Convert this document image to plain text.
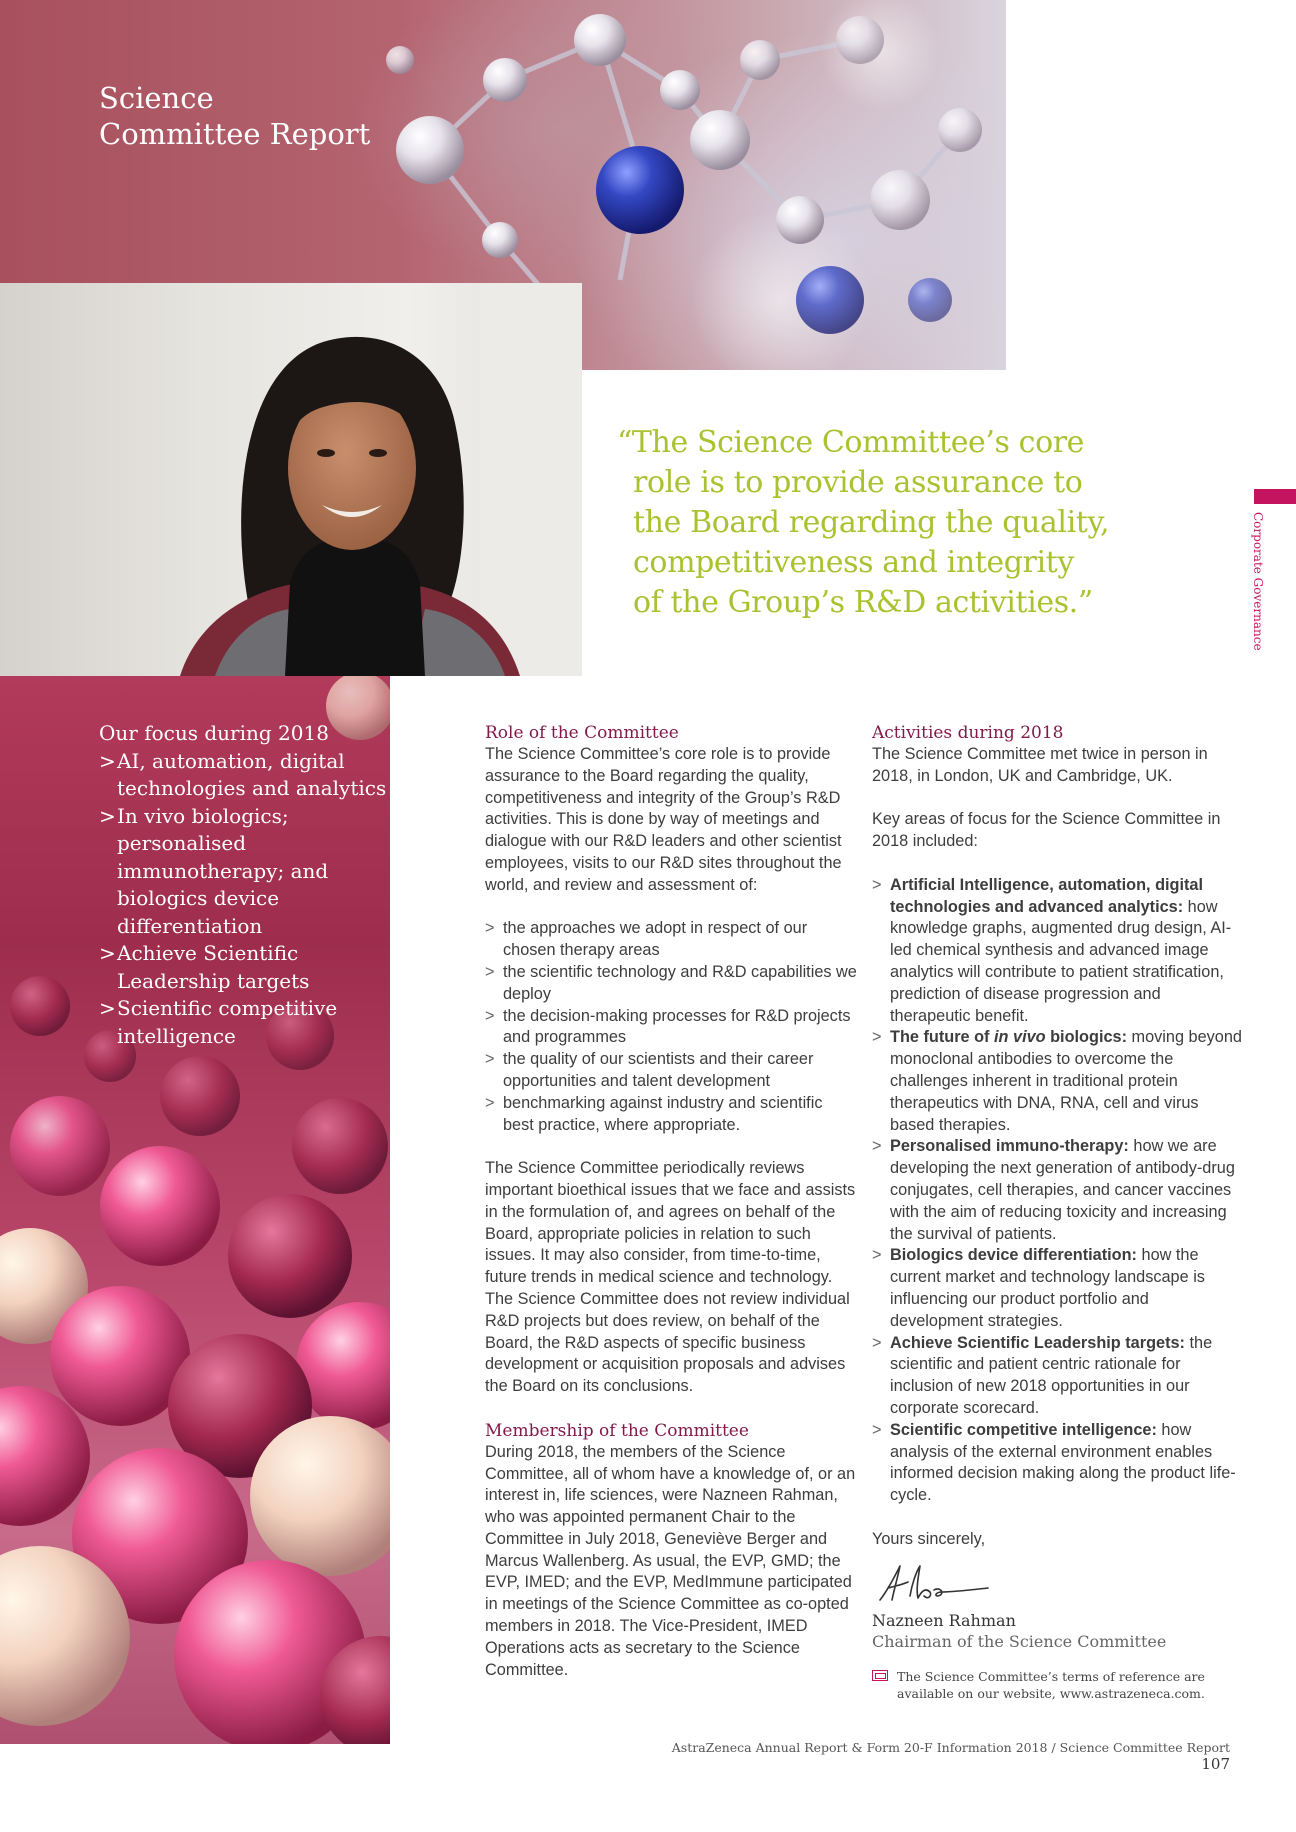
Science
Committee Report

“The Science Committee’s core
role is to provide assurance to
the Board regarding the quality,
competitiveness and integrity
of the Group’s R&D activities.”	Corporate Governance
Our focus during 2018
> AI, automation, digital technologies and analytics
> In vivo biologics; personalised immunotherapy; and biologics device differentiation
> Achieve Scientific Leadership targets
> Scientific competitive intelligence
Role of the Committee

The Science Committee’s core role is to provide assurance to the Board regarding the quality, competitiveness and integrity of the Group’s R&D activities. This is done by way of meetings and dialogue with our R&D leaders and other scientist employees, visits to our R&D sites throughout the world, and review and assessment of:

> the approaches we adopt in respect of our chosen therapy areas
> the scientific technology and R&D capabilities we deploy
> the decision-making processes for R&D projects and programmes
> the quality of our scientists and their career opportunities and talent development
> benchmarking against industry and scientific best practice, where appropriate.

The Science Committee periodically reviews important bioethical issues that we face and assists in the formulation of, and agrees on behalf of the Board, appropriate policies in relation to such issues. It may also consider, from time-to-time, future trends in medical science and technology. The Science Committee does not review individual R&D projects but does review, on behalf of the Board, the R&D aspects of specific business development or acquisition proposals and advises the Board on its conclusions.

Membership of the Committee

During 2018, the members of the Science Committee, all of whom have a knowledge of, or an interest in, life sciences, were Nazneen Rahman, who was appointed permanent Chair to the Committee in July 2018, Geneviève Berger and Marcus Wallenberg. As usual, the EVP, GMD; the EVP, IMED; and the EVP, MedImmune participated in meetings of the Science Committee as co-opted members in 2018. The Vice-President, IMED Operations acts as secretary to the Science Committee.

Activities during 2018

The Science Committee met twice in person in 2018, in London, UK and Cambridge, UK.

Key areas of focus for the Science Committee in 2018 included:

> Artificial Intelligence, automation, digital technologies and advanced analytics: how knowledge graphs, augmented drug design, AI-led chemical synthesis and advanced image analytics will contribute to patient stratification, prediction of disease progression and therapeutic benefit.
> The future of in vivo biologics: moving beyond monoclonal antibodies to overcome the challenges inherent in traditional protein therapeutics with DNA, RNA, cell and virus based therapies.
> Personalised immuno-therapy: how we are developing the next generation of antibody-drug conjugates, cell therapies, and cancer vaccines with the aim of reducing toxicity and increasing the survival of patients.
> Biologics device differentiation: how the current market and technology landscape is influencing our product portfolio and development strategies.
> Achieve Scientific Leadership targets: the scientific and patient centric rationale for inclusion of new 2018 opportunities in our corporate scorecard.
> Scientific competitive intelligence: how analysis of the external environment enables informed decision making along the product life-cycle.

Yours sincerely,

Nazneen Rahman

Chairman of the Science Committee

The Science Committee’s terms of reference are available on our website, www.astrazeneca.com.
AstraZeneca Annual Report & Form 20-F Information 2018 / Science Committee Report 107
